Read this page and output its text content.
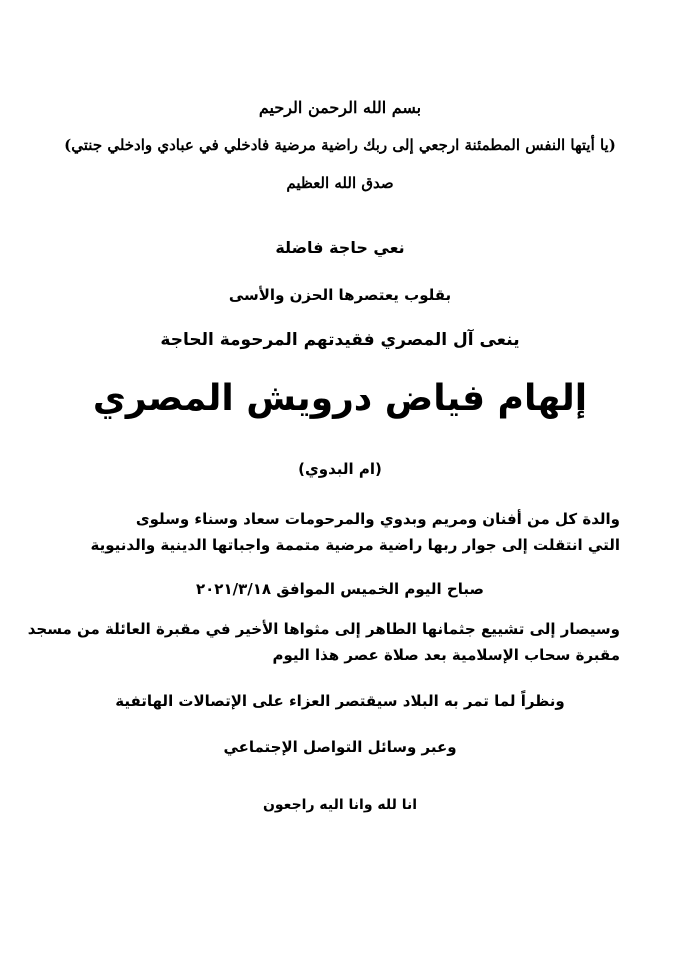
بسم الله الرحمن الرحيم
(يا أيتها النفس المطمئنة ارجعي إلى ربك راضية مرضية فادخلي في عبادي وادخلي جنتي)
صدق الله العظيم
نعي حاجة فاضلة
بقلوب يعتصرها الحزن والأسى
ينعى آل المصري فقيدتهم المرحومة الحاجة
إلهام فياض درويش المصري
(ام البدوي)
والدة كل من أفنان ومريم وبدوي والمرحومات سعاد وسناء وسلوى
التي انتقلت إلى جوار ربها راضية مرضية متممة واجباتها الدينية والدنيوية
صباح اليوم الخميس الموافق ٢٠٢١/٣/١٨
وسيصار إلى تشييع جثمانها الطاهر إلى مثواها الأخير في مقبرة العائلة من مسجد
مقبرة سحاب الإسلامية بعد صلاة عصر هذا اليوم
ونظراً لما تمر به البلاد سيقتصر العزاء على الإتصالات الهاتفية
وعبر وسائل التواصل الإجتماعي
انا لله وانا اليه راجعون
